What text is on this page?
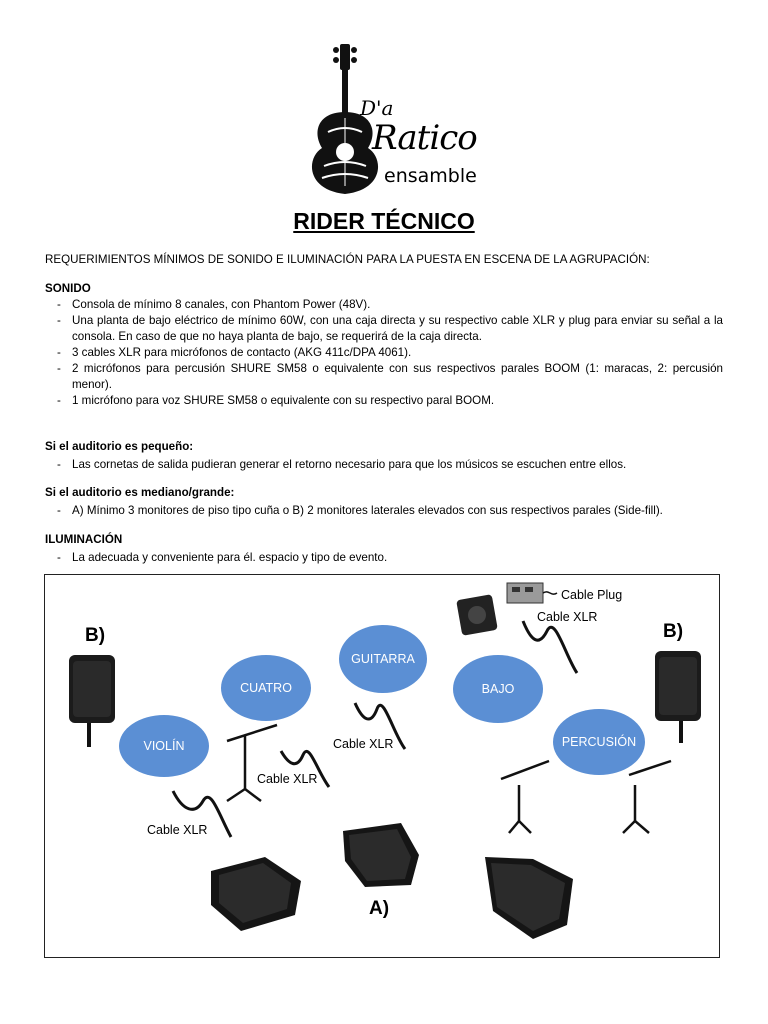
D'a
Ratico
ensamble
RIDER TÉCNICO
REQUERIMIENTOS MÍNIMOS DE SONIDO E ILUMINACIÓN PARA LA PUESTA EN ESCENA DE LA AGRUPACIÓN:
SONIDO
- Consola de mínimo 8 canales, con Phantom Power (48V).
- Una planta de bajo eléctrico de mínimo 60W, con una caja directa y su respectivo cable XLR y plug para enviar su señal a la consola. En caso de que no haya planta de bajo, se requerirá de la caja directa.
- 3 cables XLR para micrófonos de contacto (AKG 411c/DPA 4061).
- 2 micrófonos para percusión SHURE SM58 o equivalente con sus respectivos parales BOOM (1: maracas, 2: percusión menor).
- 1 micrófono para voz SHURE SM58 o equivalente con su respectivo paral BOOM.
Si el auditorio es pequeño:
- Las cornetas de salida pudieran generar el retorno necesario para que los músicos se escuchen entre ellos.
Si el auditorio es mediano/grande:
- A) Mínimo 3 monitores de piso tipo cuña o B) 2 monitores laterales elevados con sus respectivos parales (Side-fill).
ILUMINACIÓN
- La adecuada y conveniente para él. espacio y tipo de evento.
VIOLÍN
CUATRO
GUITARRA
BAJO
PERCUSIÓN
Cable XLR
Cable XLR
Cable XLR
Cable XLR
Cable Plug
B)	B)
A)
